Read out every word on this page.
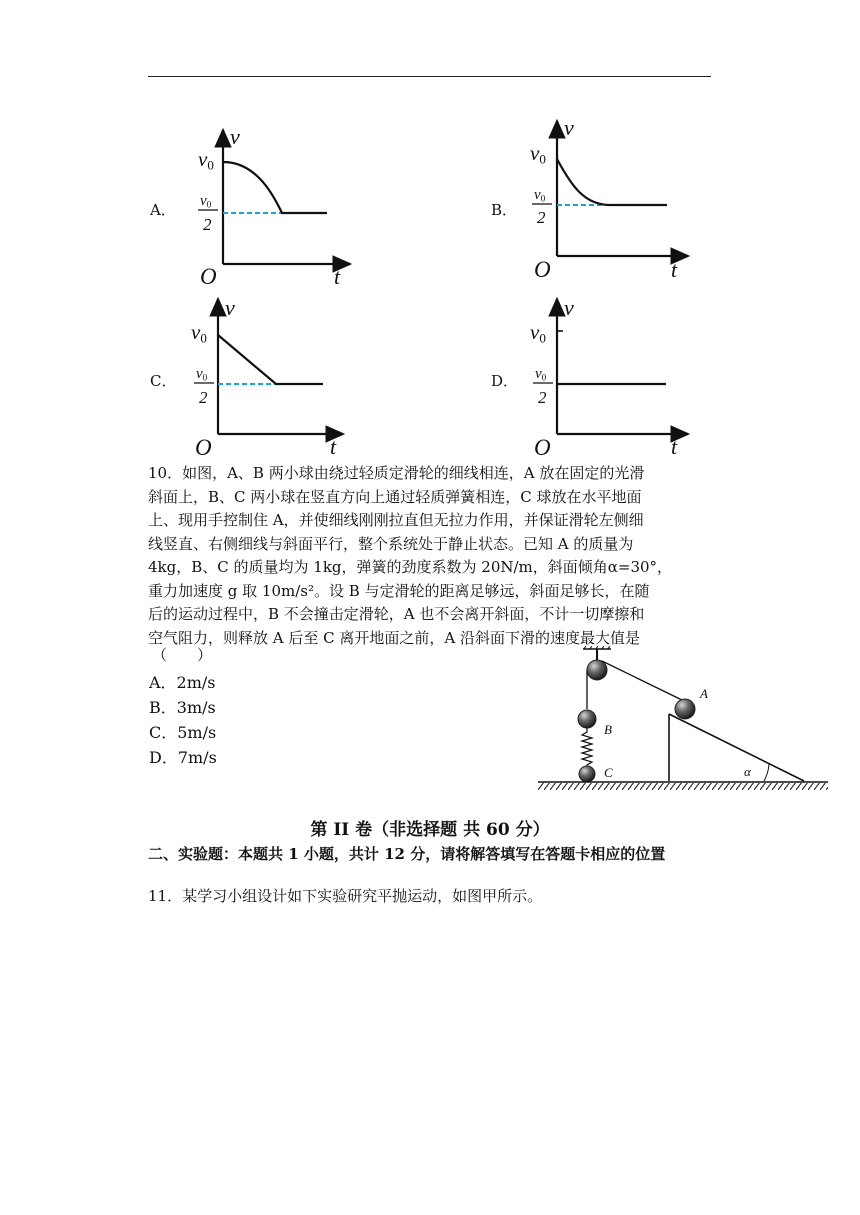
A．
v
v0
v0
2
O	t
B．
v
v0
v0
2
O	t
C．
v
v0
v0
2
O	t
D．
v
v0
v0
2
O	t
10．如图，A、B 两小球由绕过轻质定滑轮的细线相连，A 放在固定的光滑
斜面上，B、C 两小球在竖直方向上通过轻质弹簧相连，C 球放在水平地面
上、现用手控制住 A，并使细线刚刚拉直但无拉力作用，并保证滑轮左侧细
线竖直、右侧细线与斜面平行，整个系统处于静止状态。已知 A 的质量为
4kg，B、C 的质量均为 1kg，弹簧的劲度系数为 20N/m，斜面倾角α=30°，
重力加速度 g 取 10m/s²。设 B 与定滑轮的距离足够远，斜面足够长，在随
后的运动过程中，B 不会撞击定滑轮，A 也不会离开斜面，不计一切摩擦和
空气阻力，则释放 A 后至 C 离开地面之前，A 沿斜面下滑的速度最大值是
（　　）
A．2m/s
B．3m/s
C．5m/s
D．7m/s
α
A
B
C
第 II 卷（非选择题 共 60 分）
二、实验题：本题共 1 小题，共计 12 分，请将解答填写在答题卡相应的位置
11．某学习小组设计如下实验研究平抛运动，如图甲所示。
